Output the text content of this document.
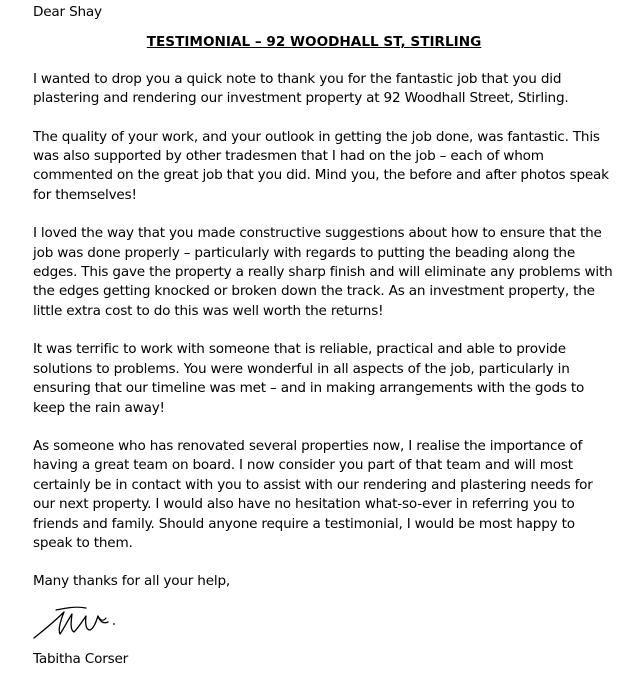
Dear Shay

TESTIMONIAL – 92 WOODHALL ST, STIRLING

I wanted to drop you a quick note to thank you for the fantastic job that you did plastering and rendering our investment property at 92 Woodhall Street, Stirling.

The quality of your work, and your outlook in getting the job done, was fantastic. This was also supported by other tradesmen that I had on the job – each of whom commented on the great job that you did. Mind you, the before and after photos speak for themselves!

I loved the way that you made constructive suggestions about how to ensure that the job was done properly – particularly with regards to putting the beading along the edges. This gave the property a really sharp finish and will eliminate any problems with the edges getting knocked or broken down the track. As an investment property, the little extra cost to do this was well worth the returns!

It was terrific to work with someone that is reliable, practical and able to provide solutions to problems. You were wonderful in all aspects of the job, particularly in ensuring that our timeline was met – and in making arrangements with the gods to keep the rain away!

As someone who has renovated several properties now, I realise the importance of having a great team on board. I now consider you part of that team and will most certainly be in contact with you to assist with our rendering and plastering needs for our next property. I would also have no hesitation what-so-ever in referring you to friends and family. Should anyone require a testimonial, I would be most happy to speak to them.

Many thanks for all your help,

Tabitha Corser
